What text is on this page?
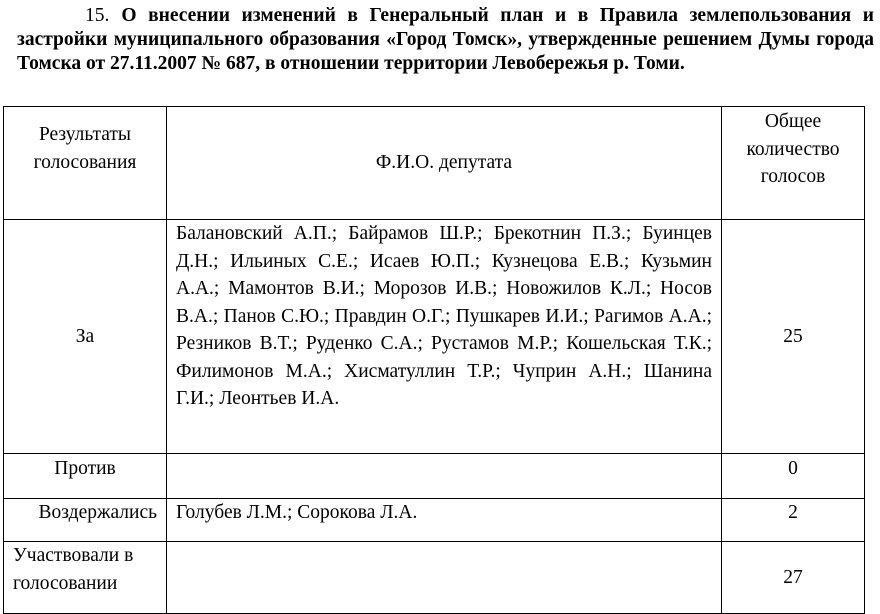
15. О внесении изменений в Генеральный план и в Правила землепользования и застройки муниципального образования «Город Томск», утвержденные решением Думы города Томска от 27.11.2007 № 687, в отношении территории Левобережья р. Томи.
Результаты голосования	Ф.И.О. депутата	Общее количество голосов
За	Балановский А.П.; Байрамов Ш.Р.; Брекотнин П.З.; Буинцев Д.Н.; Ильиных С.Е.; Исаев Ю.П.; Кузнецова Е.В.; Кузьмин А.А.; Мамонтов В.И.; Морозов И.В.; Новожилов К.Л.; Носов В.А.; Панов С.Ю.; Правдин О.Г.; Пушкарев И.И.; Рагимов А.А.; Резников В.Т.; Руденко С.А.; Рустамов М.Р.; Кошельская Т.К.; Филимонов М.А.; Хисматуллин Т.Р.; Чуприн А.Н.; Шанина Г.И.; Леонтьев И.А.	25
Против		0
Воздержались	Голубев Л.М.; Сорокова Л.А.	2
Участвовали в голосовании		27
